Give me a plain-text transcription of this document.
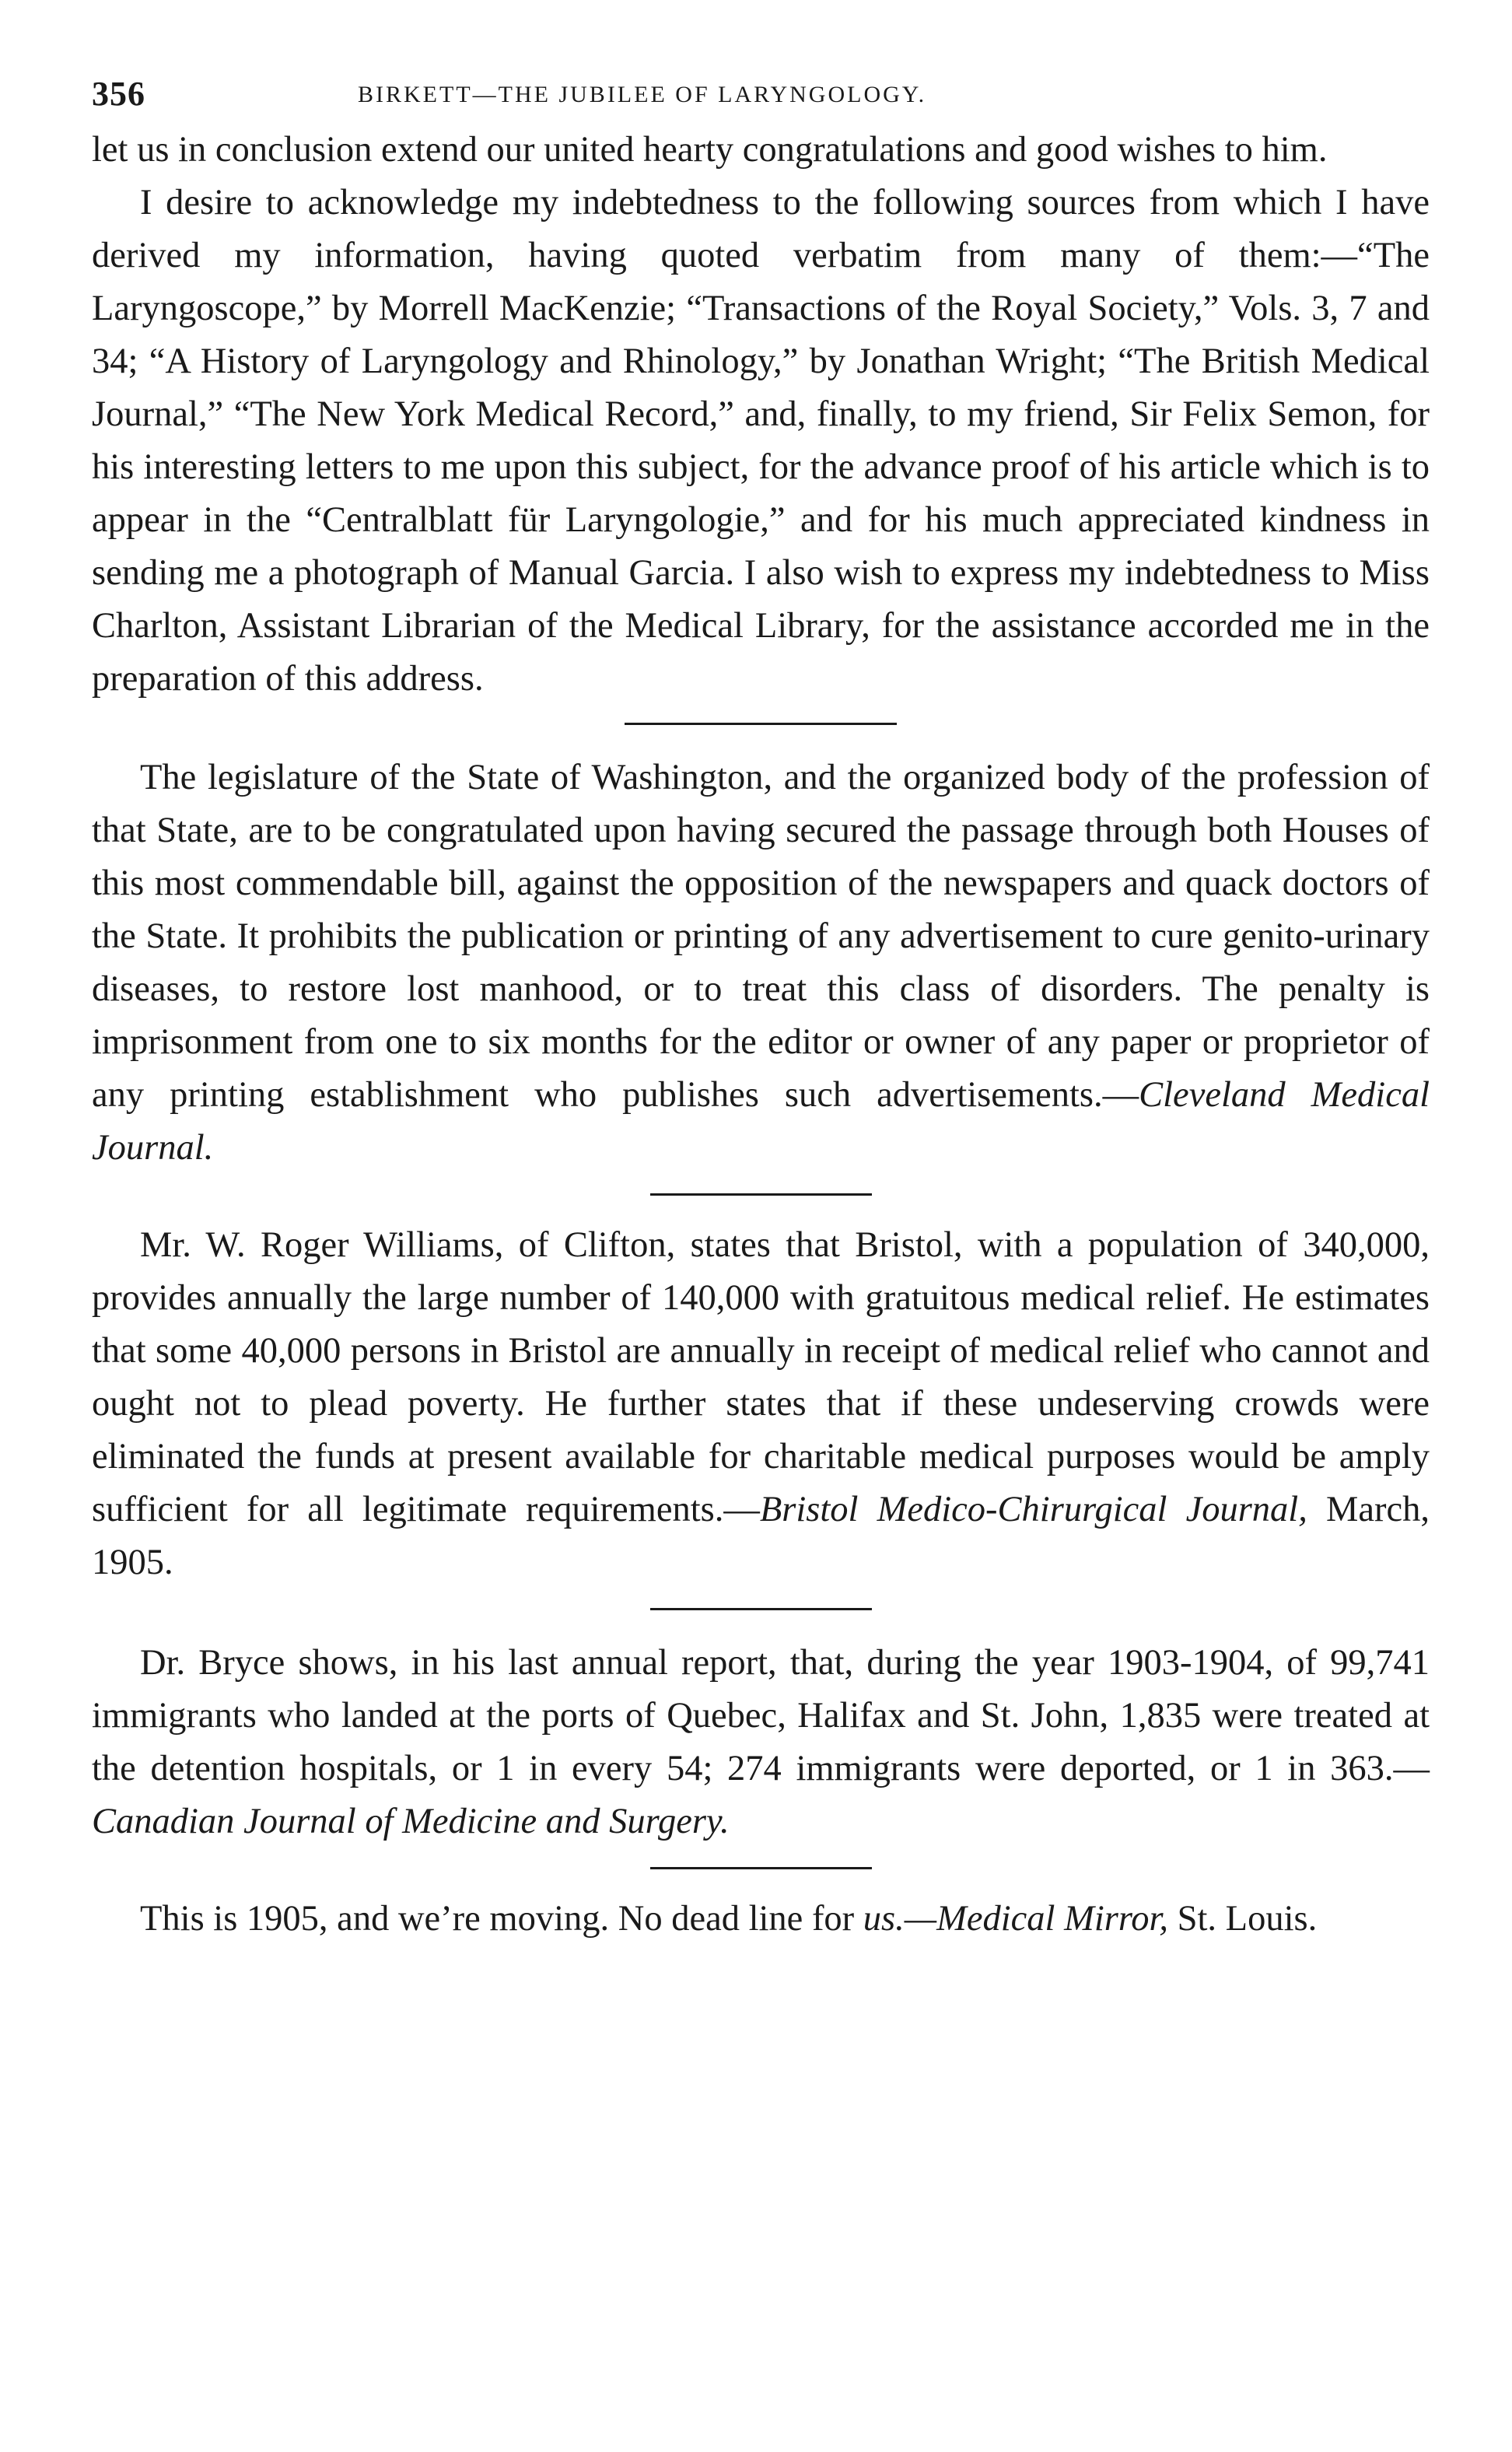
356	BIRKETT—THE JUBILEE OF LARYNGOLOGY.

let us in conclusion extend our united hearty congratulations and good wishes to him.

I desire to acknowledge my indebtedness to the following sources from which I have derived my information, having quoted verbatim from many of them:—“The Laryngoscope,” by Morrell MacKenzie; “Transactions of the Royal Society,” Vols. 3, 7 and 34; “A History of Laryngology and Rhinology,” by Jonathan Wright; “The British Medical Journal,” “The New York Medical Record,” and, finally, to my friend, Sir Felix Semon, for his interesting letters to me upon this subject, for the advance proof of his article which is to appear in the “Centralblatt für Laryngologie,” and for his much appreciated kindness in sending me a photograph of Manual Garcia. I also wish to express my indebtedness to Miss Charlton, Assistant Librarian of the Medical Library, for the assistance accorded me in the preparation of this address.

The legislature of the State of Washington, and the organized body of the profession of that State, are to be congratulated upon having secured the passage through both Houses of this most commendable bill, against the opposition of the newspapers and quack doctors of the State. It prohibits the publication or printing of any advertisement to cure genito-urinary diseases, to restore lost manhood, or to treat this class of disorders. The penalty is imprisonment from one to six months for the editor or owner of any paper or proprietor of any printing establishment who publishes such advertisements.—Cleveland Medical Journal.

Mr. W. Roger Williams, of Clifton, states that Bristol, with a population of 340,000, provides annually the large number of 140,000 with gratuitous medical relief. He estimates that some 40,000 persons in Bristol are annually in receipt of medical relief who cannot and ought not to plead poverty. He further states that if these undeserving crowds were eliminated the funds at present available for charitable medical purposes would be amply sufficient for all legitimate requirements.—Bristol Medico-Chirurgical Journal, March, 1905.

Dr. Bryce shows, in his last annual report, that, during the year 1903-1904, of 99,741 immigrants who landed at the ports of Quebec, Halifax and St. John, 1,835 were treated at the detention hospitals, or 1 in every 54; 274 immigrants were deported, or 1 in 363.—Canadian Journal of Medicine and Surgery.

This is 1905, and we’re moving. No dead line for us.—Medical Mirror, St. Louis.
